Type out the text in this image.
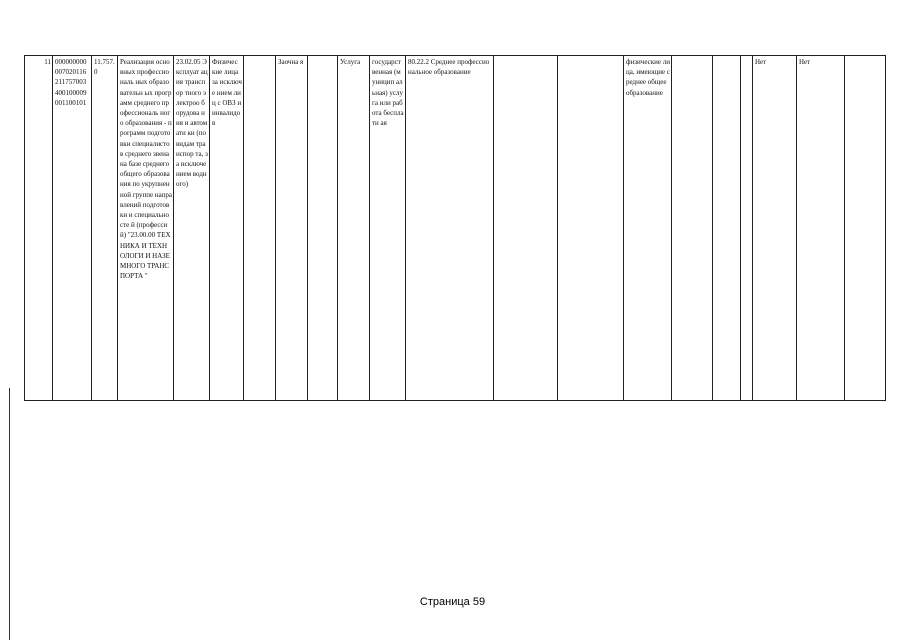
11	000000000 007020116 211757003 400100009 001100101	11.757.0	Реализация основных профессиональ ных образовательн ых программ среднего профессиональ ного образования - программ подготовки специалистов среднего звена на базе среднего общего образования по укрупненной группе направлений подготовки и специальносте й (профессий) "23.00.00 ТЕХНИКА И ТЕХНОЛОГИ И НАЗЕМНОГО ТРАНСПОРТА "	23.02.05 Эксплуат ация транспор тного электроо борудова ния и автомати ки (по видам транспор та, за исключе нием водного)	Физичес кие лица за исключе нием лиц с ОВЗ и инвалидо в		Заочна я		Услуга	государст венная (муницип альная) услуга или работа бесплатн ая	80.22.2 Среднее профессиональное образование			физические лица, имеющие среднее общее образование				Нет	Нет	
Страница 59
